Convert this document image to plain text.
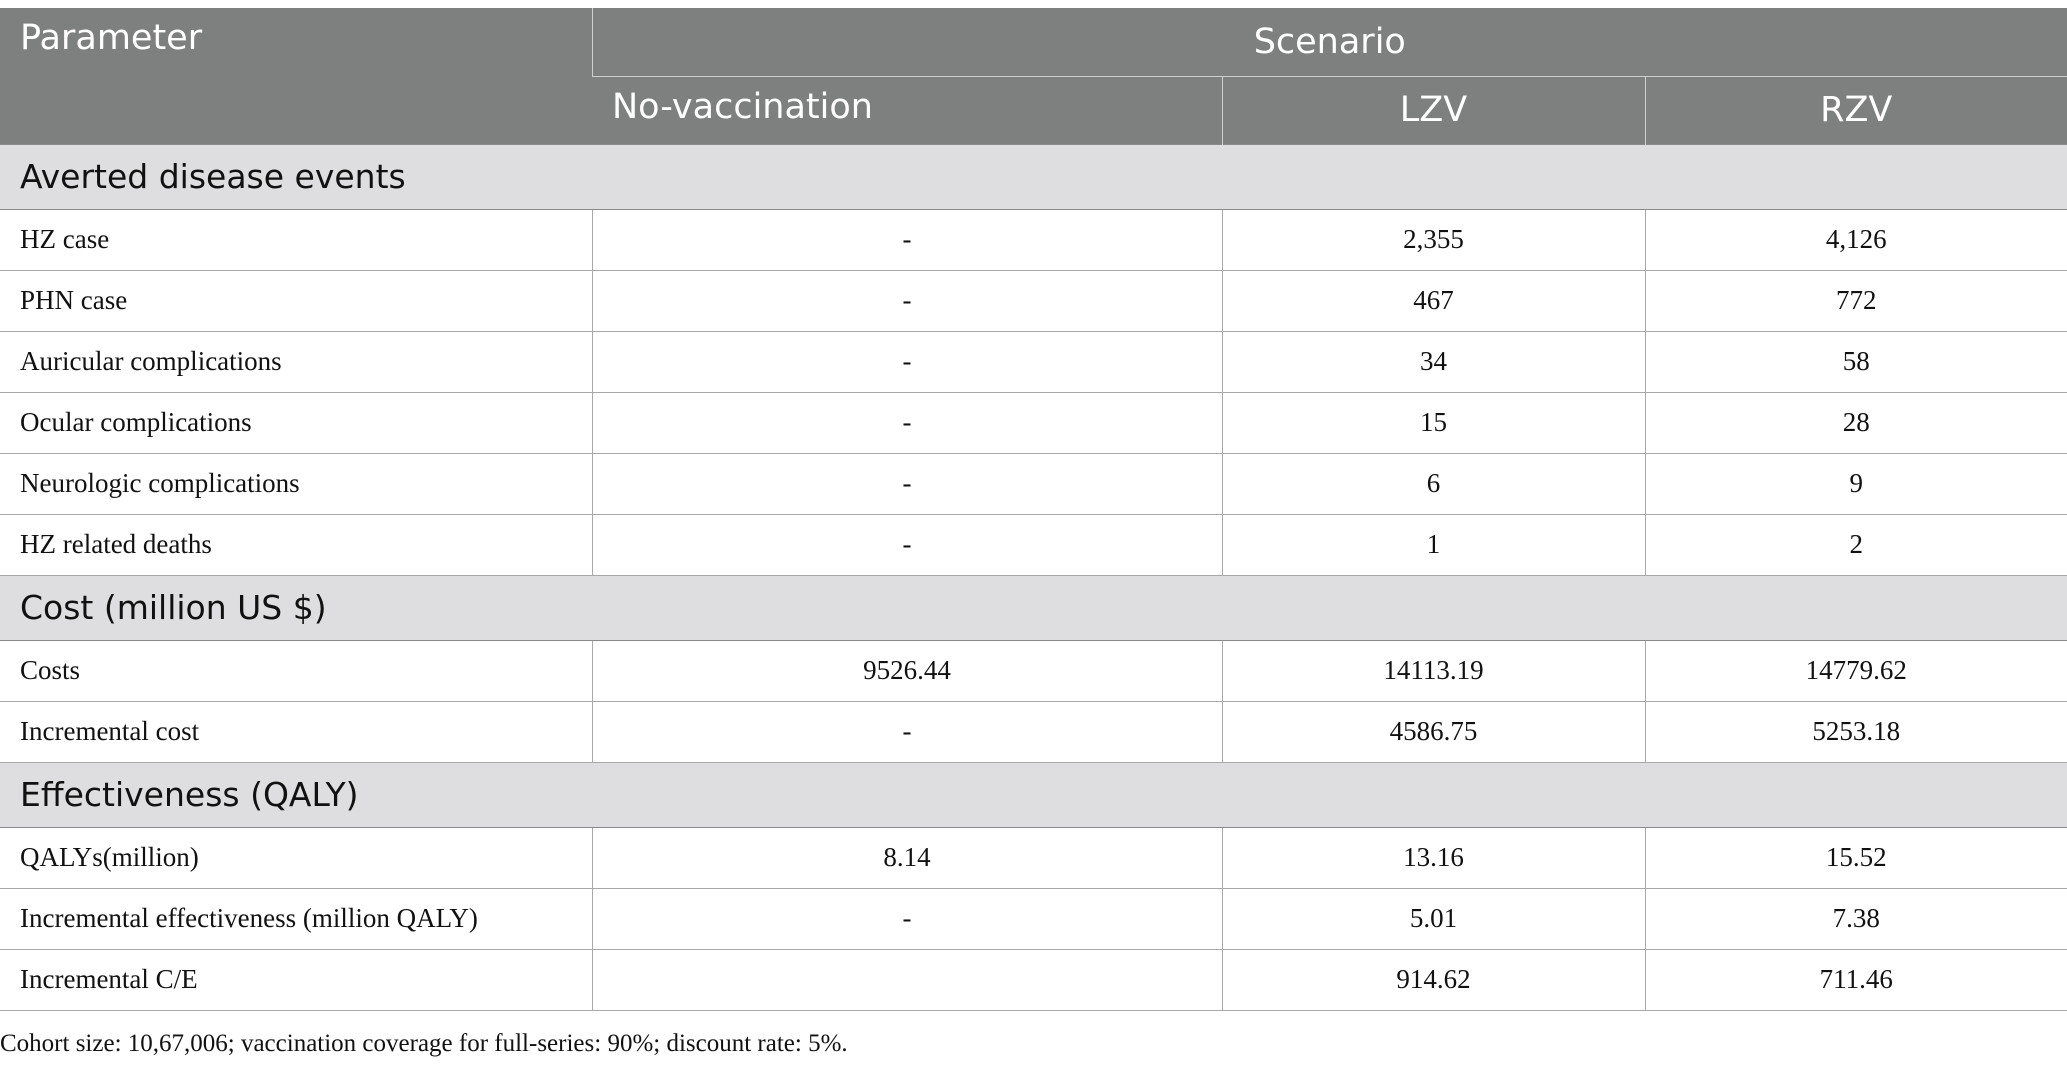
Parameter	Scenario		
	No-vaccination	LZV	RZV
Averted disease events			
HZ case	-	2,355	4,126
PHN case	-	467	772
Auricular complications	-	34	58
Ocular complications	-	15	28
Neurologic complications	-	6	9
HZ related deaths	-	1	2
Cost (million US $)			
Costs	9526.44	14113.19	14779.62
Incremental cost	-	4586.75	5253.18
Effectiveness (QALY)			
QALYs(million)	8.14	13.16	15.52
Incremental effectiveness (million QALY)	-	5.01	7.38
Incremental C/E		914.62	711.46
Cohort size: 10,67,006; vaccination coverage for full-series: 90%; discount rate: 5%.
